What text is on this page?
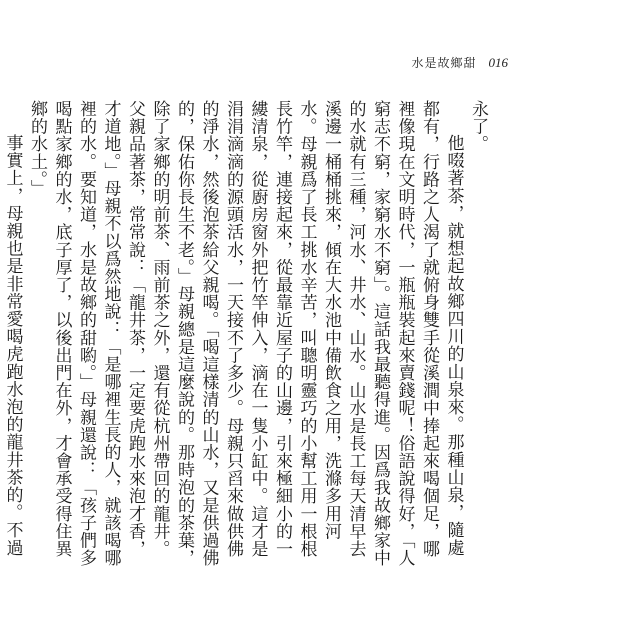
水是故鄉甜 016

永了。

他啜著茶，就想起故鄉四川的山泉來。那種山泉，隨處都有，行路之人渴了就俯身雙手從溪澗中捧起來喝個足，哪裡像現在文明時代，一瓶瓶裝起來賣錢呢！俗語說得好，「人窮志不窮，家窮水不窮」。這話我最聽得進。因爲我故鄉家中的水就有三種，河水、井水、山水。山水是長工每天清早去溪邊一桶桶挑來，傾在大水池中備飲食之用，洗滌多用河水。母親爲了長工挑水辛苦，叫聰明靈巧的小幫工用一根根長竹竿，連接起來，從最靠近屋子的山邊，引來極細小的一縷清泉，從廚房窗外把竹竿伸入，滴在一隻小缸中。這才是涓涓滴滴的源頭活水，一天接不了多少。母親只舀來做供佛的淨水，然後泡茶給父親喝。「喝這樣清的山水，又是供過佛的，保佑你長生不老。」母親總是這麼說的。那時泡的茶葉，除了家鄉的明前茶、雨前茶之外，還有從杭州帶回的龍井。父親品著茶，常常說：「龍井茶，一定要虎跑水來泡才香，才道地。」母親不以爲然地說：「是哪裡生長的人，就該喝哪裡的水。要知道，水是故鄉的甜喲。」母親還說：「孩子們多喝點家鄉的水，底子厚了，以後出門在外，才會承受得住異鄉的水土。」

事實上，母親也是非常愛喝虎跑水泡的龍井茶的。不過
